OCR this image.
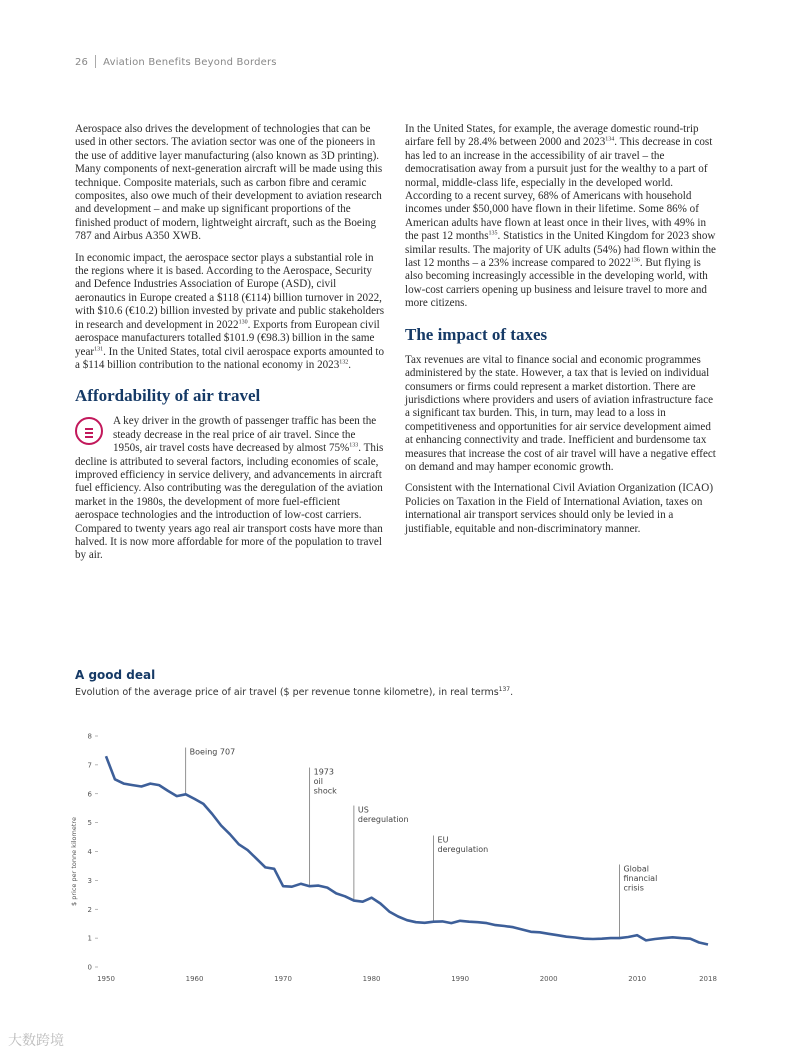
26 Aviation Benefits Beyond Borders

Aerospace also drives the development of technologies that can be used in other sectors. The aviation sector was one of the pioneers in the use of additive layer manufacturing (also known as 3D printing). Many components of next-generation aircraft will be made using this technique. Composite materials, such as carbon fibre and ceramic composites, also owe much of their development to aviation research and development – and make up significant proportions of the finished product of modern, lightweight aircraft, such as the Boeing 787 and Airbus A350 XWB.

In economic impact, the aerospace sector plays a substantial role in the regions where it is based. According to the Aerospace, Security and Defence Industries Association of Europe (ASD), civil aeronautics in Europe created a $118 (€114) billion turnover in 2022, with $10.6 (€10.2) billion invested by private and public stakeholders in research and development in 2022$^{130}$. Exports from European civil aerospace manufacturers totalled $101.9 (€98.3) billion in the same year$^{131}$. In the United States, total civil aerospace exports amounted to a $114 billion contribution to the national economy in 2023$^{132}$.

Affordability of air travel

A key driver in the growth of passenger traffic has been the steady decrease in the real price of air travel. Since the 1950s, air travel costs have decreased by almost 75%$^{133}$. This decline is attributed to several factors, including economies of scale, improved efficiency in service delivery, and advancements in aircraft fuel efficiency. Also contributing was the deregulation of the aviation market in the 1980s, the development of more fuel-efficient aerospace technologies and the introduction of low-cost carriers. Compared to twenty years ago real air transport costs have more than halved. It is now more affordable for more of the population to travel by air.

In the United States, for example, the average domestic round-trip airfare fell by 28.4% between 2000 and 2023$^{134}$. This decrease in cost has led to an increase in the accessibility of air travel – the democratisation away from a pursuit just for the wealthy to a part of normal, middle-class life, especially in the developed world. According to a recent survey, 68% of Americans with household incomes under $50,000 have flown in their lifetime. Some 86% of American adults have flown at least once in their lives, with 49% in the past 12 months$^{135}$. Statistics in the United Kingdom for 2023 show similar results. The majority of UK adults (54%) had flown within the last 12 months – a 23% increase compared to 2022$^{136}$. But flying is also becoming increasingly accessible in the developing world, with low-cost carriers opening up business and leisure travel to more and more citizens.

The impact of taxes

Tax revenues are vital to finance social and economic programmes administered by the state. However, a tax that is levied on individual consumers or firms could represent a market distortion. There are jurisdictions where providers and users of aviation infrastructure face a significant tax burden. This, in turn, may lead to a loss in competitiveness and opportunities for air service development aimed at enhancing connectivity and trade. Inefficient and burdensome tax measures that increase the cost of air travel will have a negative effect on demand and may hamper economic growth.

Consistent with the International Civil Aviation Organization (ICAO) Policies on Taxation in the Field of International Aviation, taxes on international air transport services should only be levied in a justifiable, equitable and non-discriminatory manner.

A good deal
Evolution of the average price of air travel ($ per revenue tonne kilometre), in real terms$^{137}$.
0
1
2
3
4
5
6
7
8
1950	1960	1970	1980	1990	2000	2010	2018
$ price per tonne kilometre
Boeing 707
1973
oil
shock
US
deregulation
EU
deregulation
Global
financial
crisis
大数跨境
